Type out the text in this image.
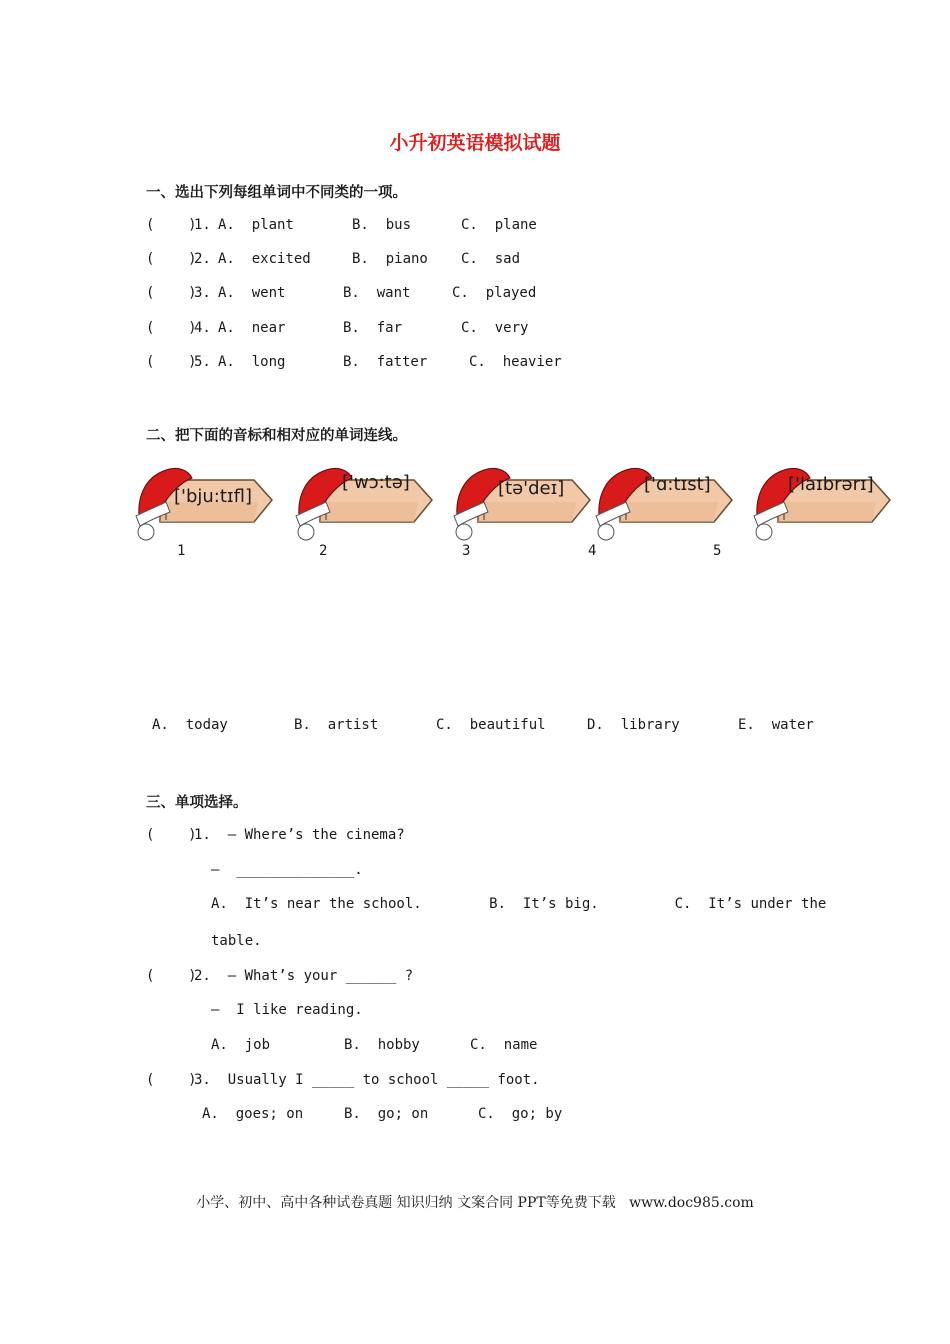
小升初英语模拟试题
一、选出下列每组单词中不同类的一项。
(    )
1. A.  plant	B.  bus	C.  plane
(    )
2. A.  excited	B.  piano C.  sad
(    )
3. A.  went	B.  want	C.  played
(    )
4. A.  near	B.  far	C.  very
(    )
5. A.  long	B.  fatter	C.  heavier
二、把下面的音标和相对应的单词连线。
['bju:tɪfl]
['wɔ:tə]	[tə'deɪ]	['ɑ:tɪst]	['laɪbrərɪ]
1	2	3	4	5
A.  today	B.  artist	C.  beautiful	D.  library	E.  water
三、单项选择。
(    )
1.  — Where’s the cinema?
—  ______________.
A.  It’s near the school.        B.  It’s big.         C.  It’s under the
table.
(    )
2.  — What’s your ______ ?
—  I like reading.
A.  job	B.  hobby	C.  name
(    )
3.  Usually I _____ to school _____ foot.
A.  goes; on	B.  go; on	C.  go; by
小学、初中、高中各种试卷真题 知识归纳 文案合同 PPT等免费下载   www.doc985.com
